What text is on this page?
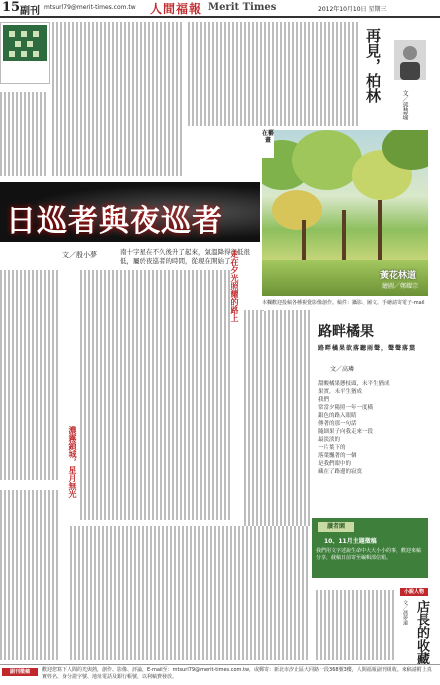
15 副刊 mtsurl79@merit-times.com.tw 人間福報 Merit Times	2012年10月10日 星期三
再見，柏林
文／郭慧瑜
日巡者與夜巡者
文／殷小夢	南十字星在不久後升了起來，氣溫降得很低很低，屬於夜巡者的時間，從現在開始了。
走在夕光照耀的路上
濃霧鎖城，星月無光
在藝畫
黃花林道
繪圖／鄭耀宗
本欄歡迎投稿各種視覺影像創作。稿件：攝影、圖文、手繪請寄電子-mail
路畔橘果
路畔橘果欲落聽雨聲，聲聲落葉
文／高璘
甜酸橘果懸枝頭，未平生猶成
果實，未平生猶成
我們
常當夕陽照一年一度橫
銀色的路入眼睛
傳著的那一句話
隨細果子向我走來一段
最淡淡的
一片葉下的
落葉飄著的一個
是我們眼中的
藏在了路邊的寂寞
讀者園
10、11月主題徵稿
我們用文字述說生命中大大小小的事，歡迎來稿分享，截稿日前寄至編輯部信箱。
小說人物
文／馮夢遠 店長的收藏
副刊徵稿	歡迎您寫下人間的光與熱，創作、影像、評論，E-mail至：mtsurl79@merit-times.com.tw，或郵寄：新北市汐止區大同路一段368號3樓，人間福報副刊組收。來稿請附上真實姓名、身分證字號、地址電話及銀行帳號，以利稿費發放。
